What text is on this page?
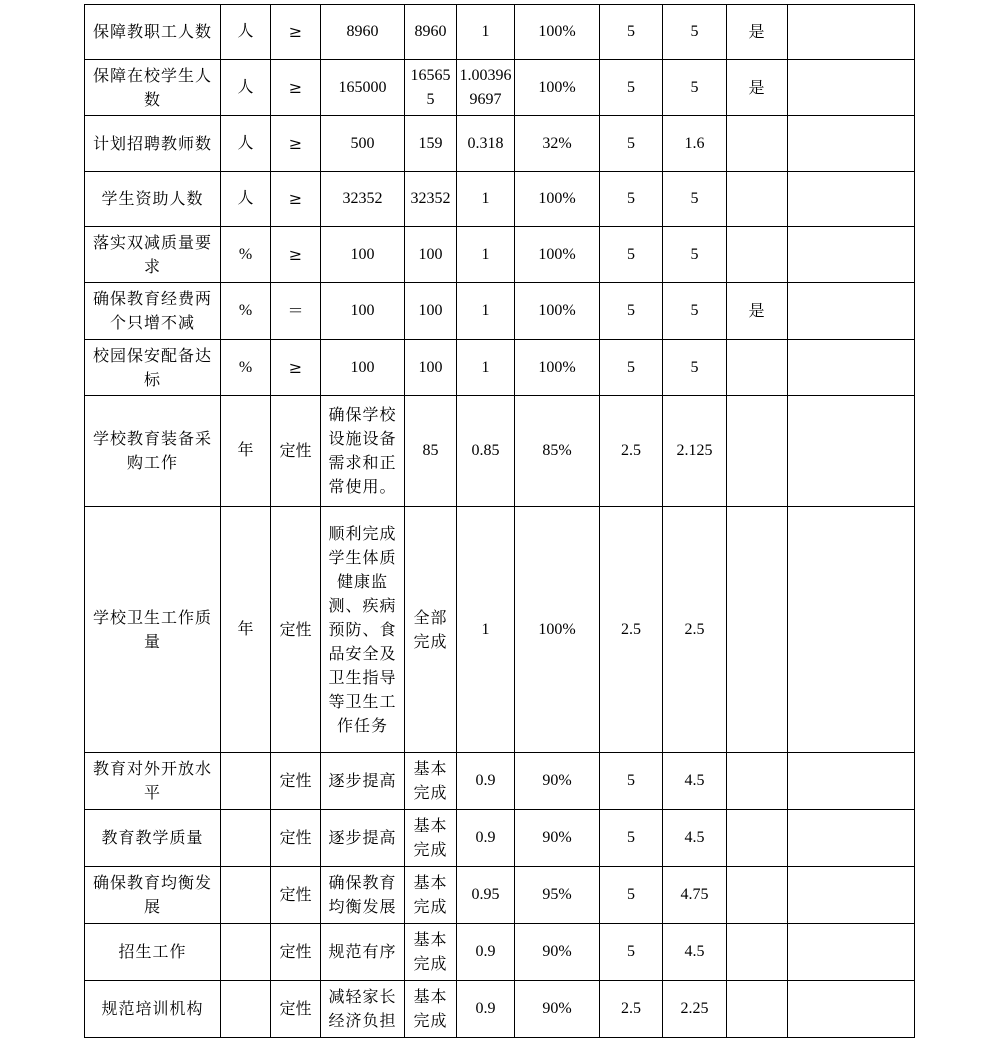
保障教职工人数	人	≥	8960	8960	1	100%	5	5	是	
保障在校学生人数	人	≥	165000	165655	1.003969697	100%	5	5	是	
计划招聘教师数	人	≥	500	159	0.318	32%	5	1.6		
学生资助人数	人	≥	32352	32352	1	100%	5	5		
落实双减质量要求	%	≥	100	100	1	100%	5	5		
确保教育经费两个只增不减	%	＝	100	100	1	100%	5	5	是	
校园保安配备达标	%	≥	100	100	1	100%	5	5		
学校教育装备采购工作	年	定性	确保学校设施设备需求和正常使用。	85	0.85	85%	2.5	2.125		
学校卫生工作质量	年	定性	顺利完成学生体质健康监测、疾病预防、食品安全及卫生指导等卫生工作任务	全部完成	1	100%	2.5	2.5		
教育对外开放水平		定性	逐步提高	基本完成	0.9	90%	5	4.5		
教育教学质量		定性	逐步提高	基本完成	0.9	90%	5	4.5		
确保教育均衡发展		定性	确保教育均衡发展	基本完成	0.95	95%	5	4.75		
招生工作		定性	规范有序	基本完成	0.9	90%	5	4.5		
规范培训机构		定性	减轻家长经济负担	基本完成	0.9	90%	2.5	2.25		
